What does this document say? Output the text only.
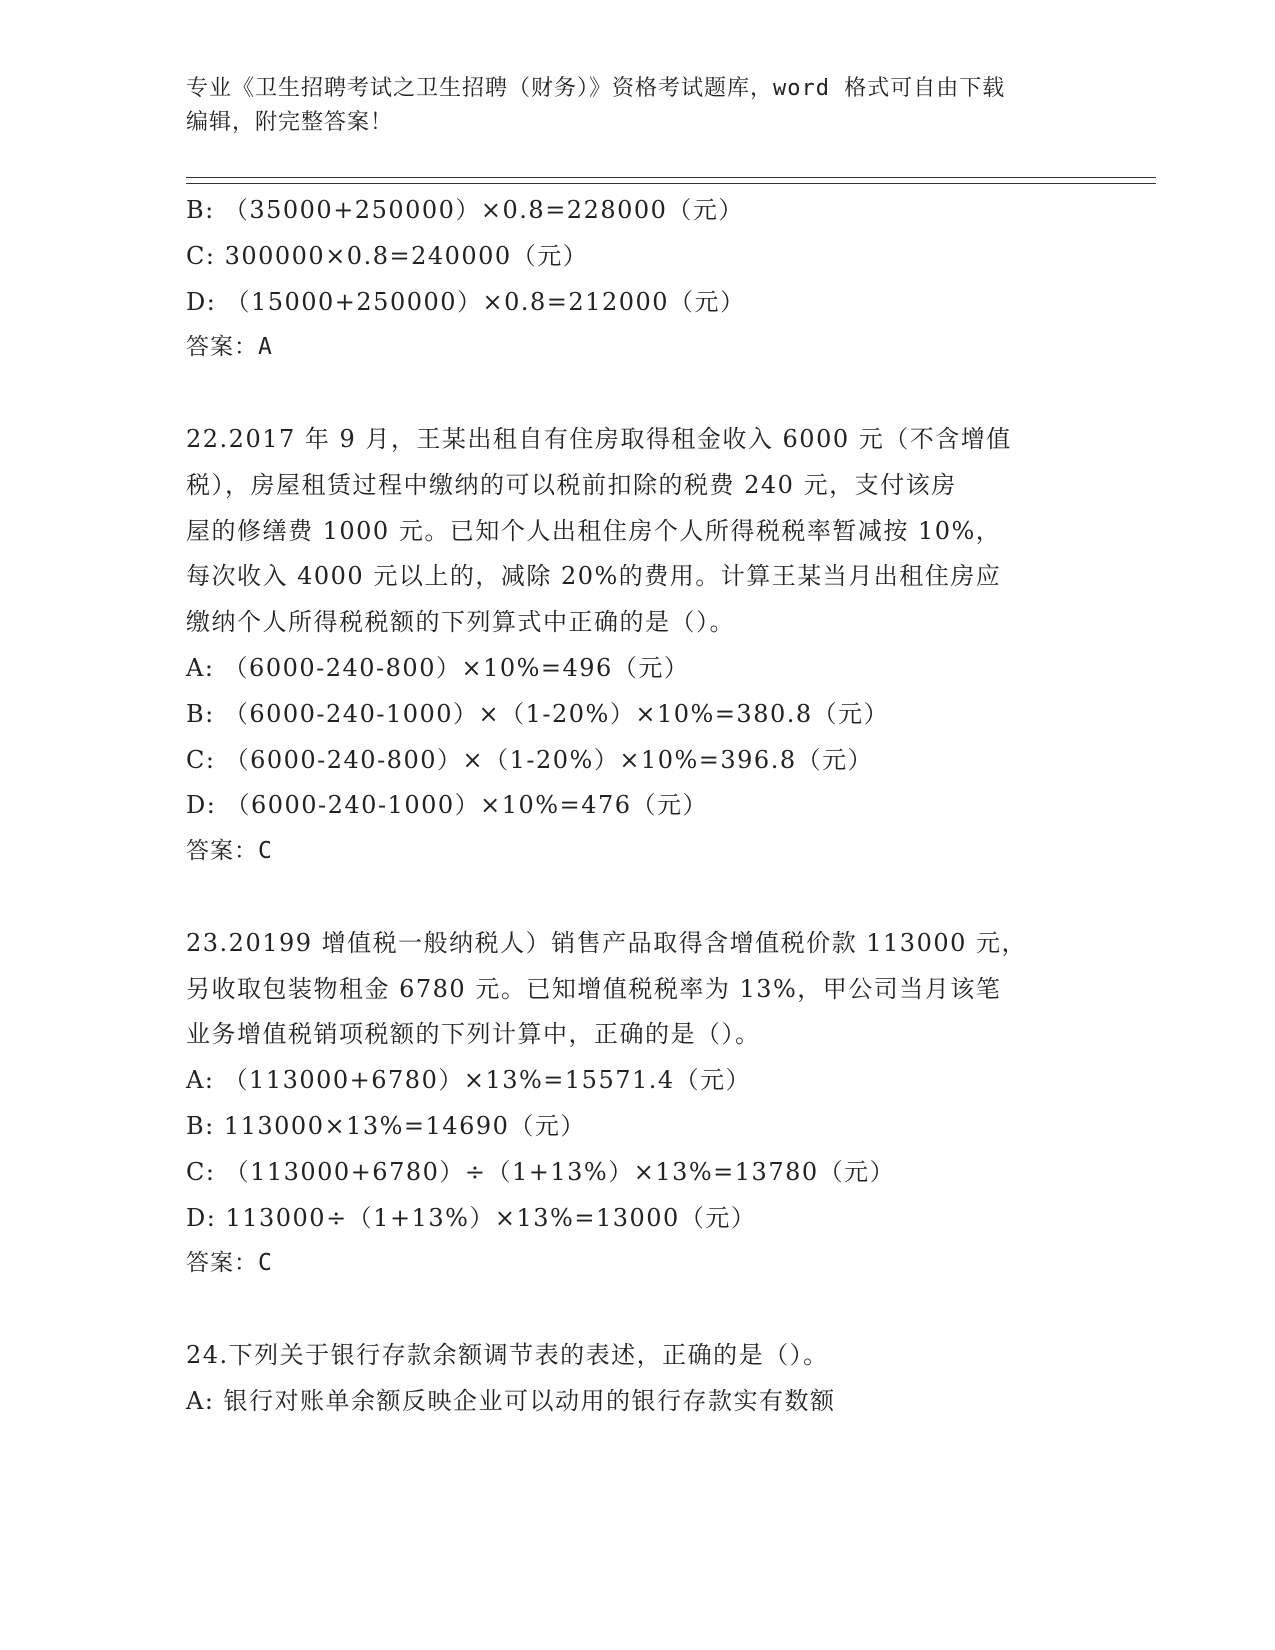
专业《卫生招聘考试之卫生招聘（财务）》资格考试题库，word 格式可自由下载
编辑，附完整答案！
B: （35000+250000）×0.8=228000（元）
C: 300000×0.8=240000（元）
D: （15000+250000）×0.8=212000（元）
答案：A
22.2017 年 9 月，王某出租自有住房取得租金收入 6000 元（不含增值
税），房屋租赁过程中缴纳的可以税前扣除的税费 240 元，支付该房
屋的修缮费 1000 元。已知个人出租住房个人所得税税率暂减按 10%，
每次收入 4000 元以上的，减除 20%的费用。计算王某当月出租住房应
缴纳个人所得税税额的下列算式中正确的是（）。
A: （6000-240-800）×10%=496（元）
B: （6000-240-1000）×（1-20%）×10%=380.8（元）
C: （6000-240-800）×（1-20%）×10%=396.8（元）
D: （6000-240-1000）×10%=476（元）
答案：C
23.20199 增值税一般纳税人）销售产品取得含增值税价款 113000 元，
另收取包装物租金 6780 元。已知增值税税率为 13%，甲公司当月该笔
业务增值税销项税额的下列计算中，正确的是（）。
A: （113000+6780）×13%=15571.4（元）
B: 113000×13%=14690（元）
C: （113000+6780）÷（1+13%）×13%=13780（元）
D: 113000÷（1+13%）×13%=13000（元）
答案：C
24.下列关于银行存款余额调节表的表述，正确的是（）。
A: 银行对账单余额反映企业可以动用的银行存款实有数额
